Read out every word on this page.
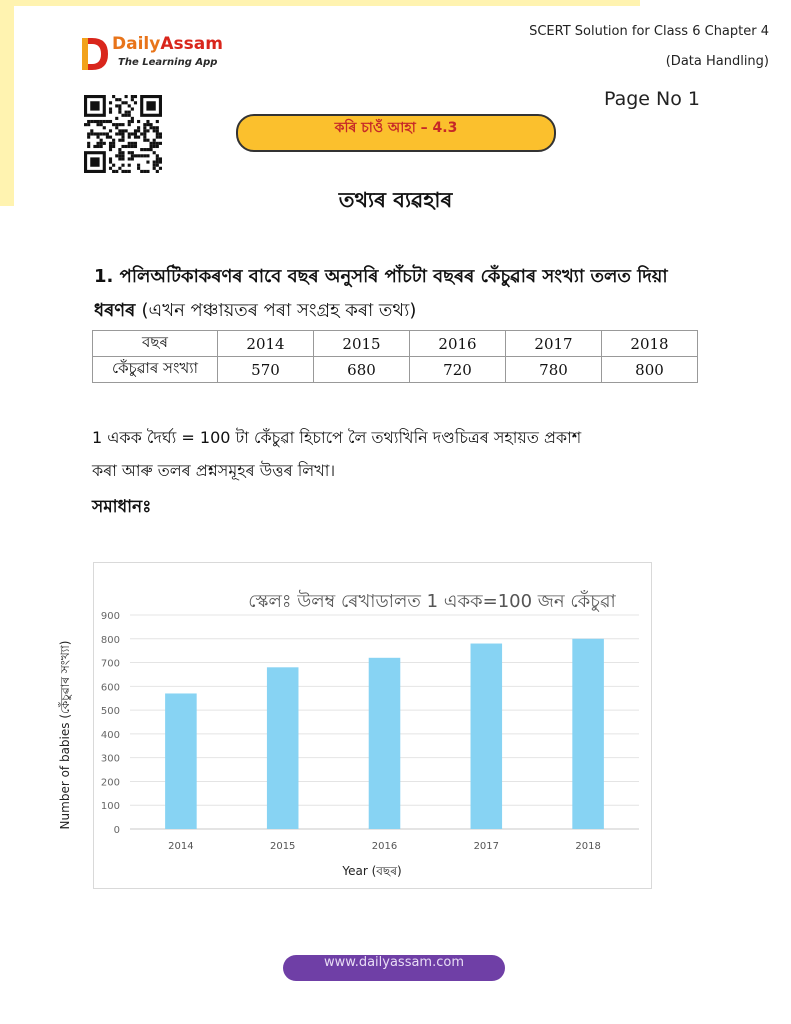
DailyAssam
The Learning App
SCERT Solution for Class 6 Chapter 4
(Data Handling)
Page No 1
কৰি চাওঁ আহা – 4.3
তথ্যৰ ব্যৱহাৰ
1. পলিঅটিকাকৰণৰ বাবে বছৰ অনুসৰি পাঁচটা বছৰৰ কেঁচুৱাৰ সংখ্যা তলত দিয়া
ধৰণৰ (এখন পঞ্চায়তৰ পৰা সংগ্ৰহ কৰা তথ্য)
বছৰ	2014	2015	2016	2017	2018
কেঁচুৱাৰ সংখ্যা	570	680	720	780	800
1 একক দৈৰ্ঘ্য = 100 টা কেঁচুৱা হিচাপে লৈ তথ্যখিনি দণ্ডচিত্ৰৰ সহায়ত প্ৰকাশ
কৰা আৰু তলৰ প্ৰশ্নসমূহৰ উত্তৰ লিখা।
সমাধানঃ
স্কেলঃ উলম্ব ৰেখাডালত 1 একক=100 জন কেঁচুৱা
0
100
200
300
400
500
600
700
800
900
2014	2015	2016	2017	2018
Year (বছৰ)
Number of babies (কেঁচুৱাৰ সংখ্যা)
www.dailyassam.com
